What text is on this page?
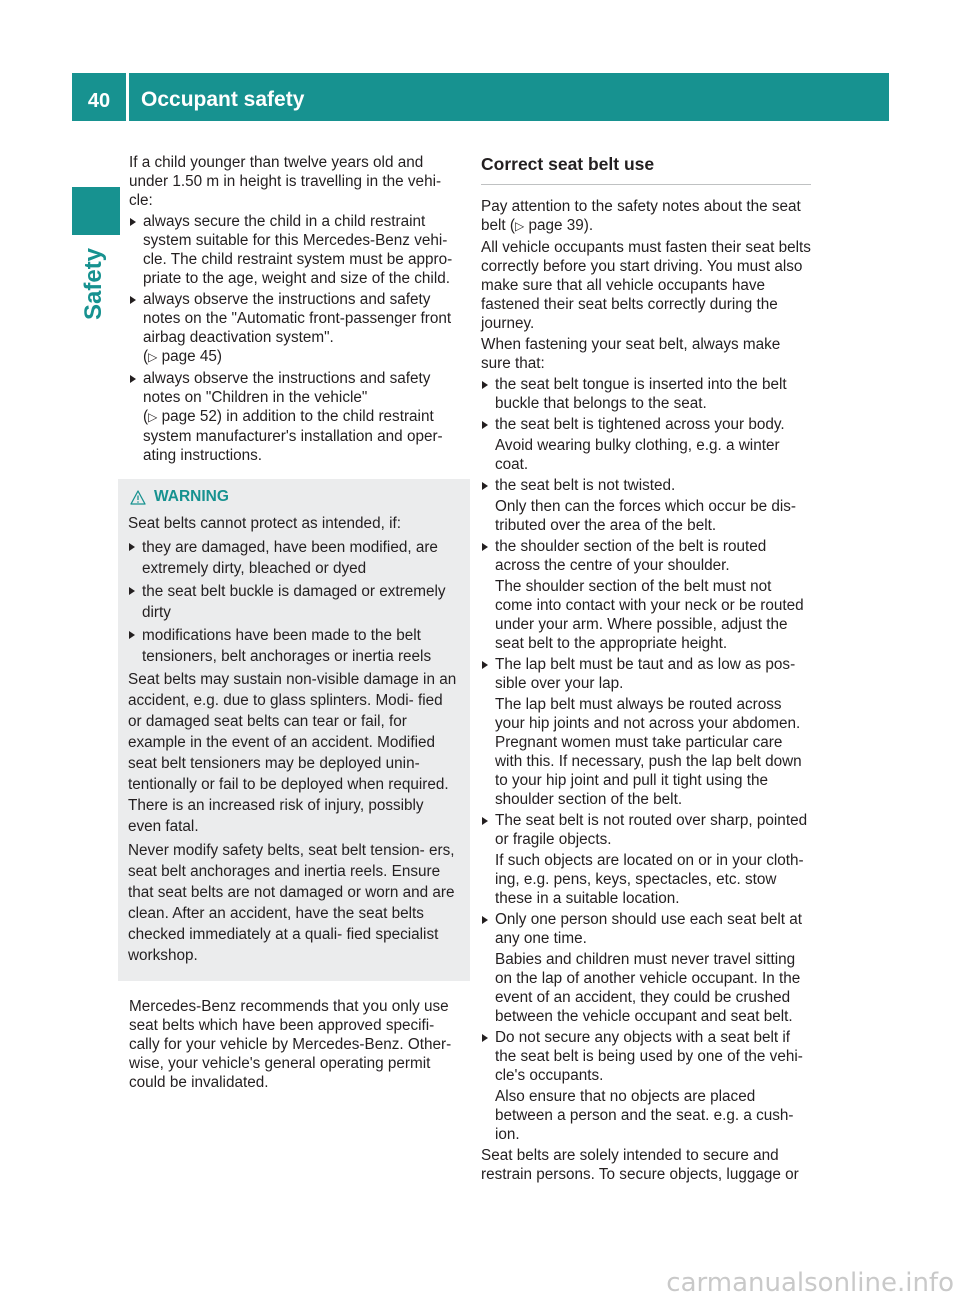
40	Occupant safety
Safety

If a child younger than twelve years old and under 1.50 m in height is travelling in the vehi- cle:

always secure the child in a child restraint system suitable for this Mercedes-Benz vehi- cle. The child restraint system must be appro- priate to the age, weight and size of the child.
always observe the instructions and safety notes on the "Automatic front-passenger front airbag deactivation system".
(▷ page 45)
always observe the instructions and safety notes on "Children in the vehicle"
(▷ page 52) in addition to the child restraint system manufacturer's installation and oper- ating instructions.
WARNING

Seat belts cannot protect as intended, if:

they are damaged, have been modified, are extremely dirty, bleached or dyed
the seat belt buckle is damaged or extremely dirty
modifications have been made to the belt tensioners, belt anchorages or inertia reels

Seat belts may sustain non-visible damage in an accident, e.g. due to glass splinters. Modi- fied or damaged seat belts can tear or fail, for example in the event of an accident. Modified seat belt tensioners may be deployed unin- tentionally or fail to be deployed when required. There is an increased risk of injury, possibly even fatal.

Never modify safety belts, seat belt tension- ers, seat belt anchorages and inertia reels. Ensure that seat belts are not damaged or worn and are clean. After an accident, have the seat belts checked immediately at a quali- fied specialist workshop.

Mercedes-Benz recommends that you only use seat belts which have been approved specifi- cally for your vehicle by Mercedes-Benz. Other- wise, your vehicle's general operating permit could be invalidated.

Correct seat belt use

Pay attention to the safety notes about the seat belt (▷ page 39).

All vehicle occupants must fasten their seat belts correctly before you start driving. You must also make sure that all vehicle occupants have fastened their seat belts correctly during the journey.

When fastening your seat belt, always make sure that:

the seat belt tongue is inserted into the belt buckle that belongs to the seat.
the seat belt is tightened across your body.
Avoid wearing bulky clothing, e.g. a winter coat.
the seat belt is not twisted.
Only then can the forces which occur be dis- tributed over the area of the belt.
the shoulder section of the belt is routed across the centre of your shoulder.
The shoulder section of the belt must not come into contact with your neck or be routed under your arm. Where possible, adjust the seat belt to the appropriate height.
The lap belt must be taut and as low as pos- sible over your lap.
The lap belt must always be routed across your hip joints and not across your abdomen. Pregnant women must take particular care with this. If necessary, push the lap belt down to your hip joint and pull it tight using the shoulder section of the belt.
The seat belt is not routed over sharp, pointed or fragile objects.
If such objects are located on or in your cloth- ing, e.g. pens, keys, spectacles, etc. stow these in a suitable location.
Only one person should use each seat belt at any one time.
Babies and children must never travel sitting on the lap of another vehicle occupant. In the event of an accident, they could be crushed between the vehicle occupant and seat belt.
Do not secure any objects with a seat belt if the seat belt is being used by one of the vehi- cle's occupants.
Also ensure that no objects are placed between a person and the seat. e.g. a cush- ion.

Seat belts are solely intended to secure and restrain persons. To secure objects, luggage or

carmanualsonline.info
